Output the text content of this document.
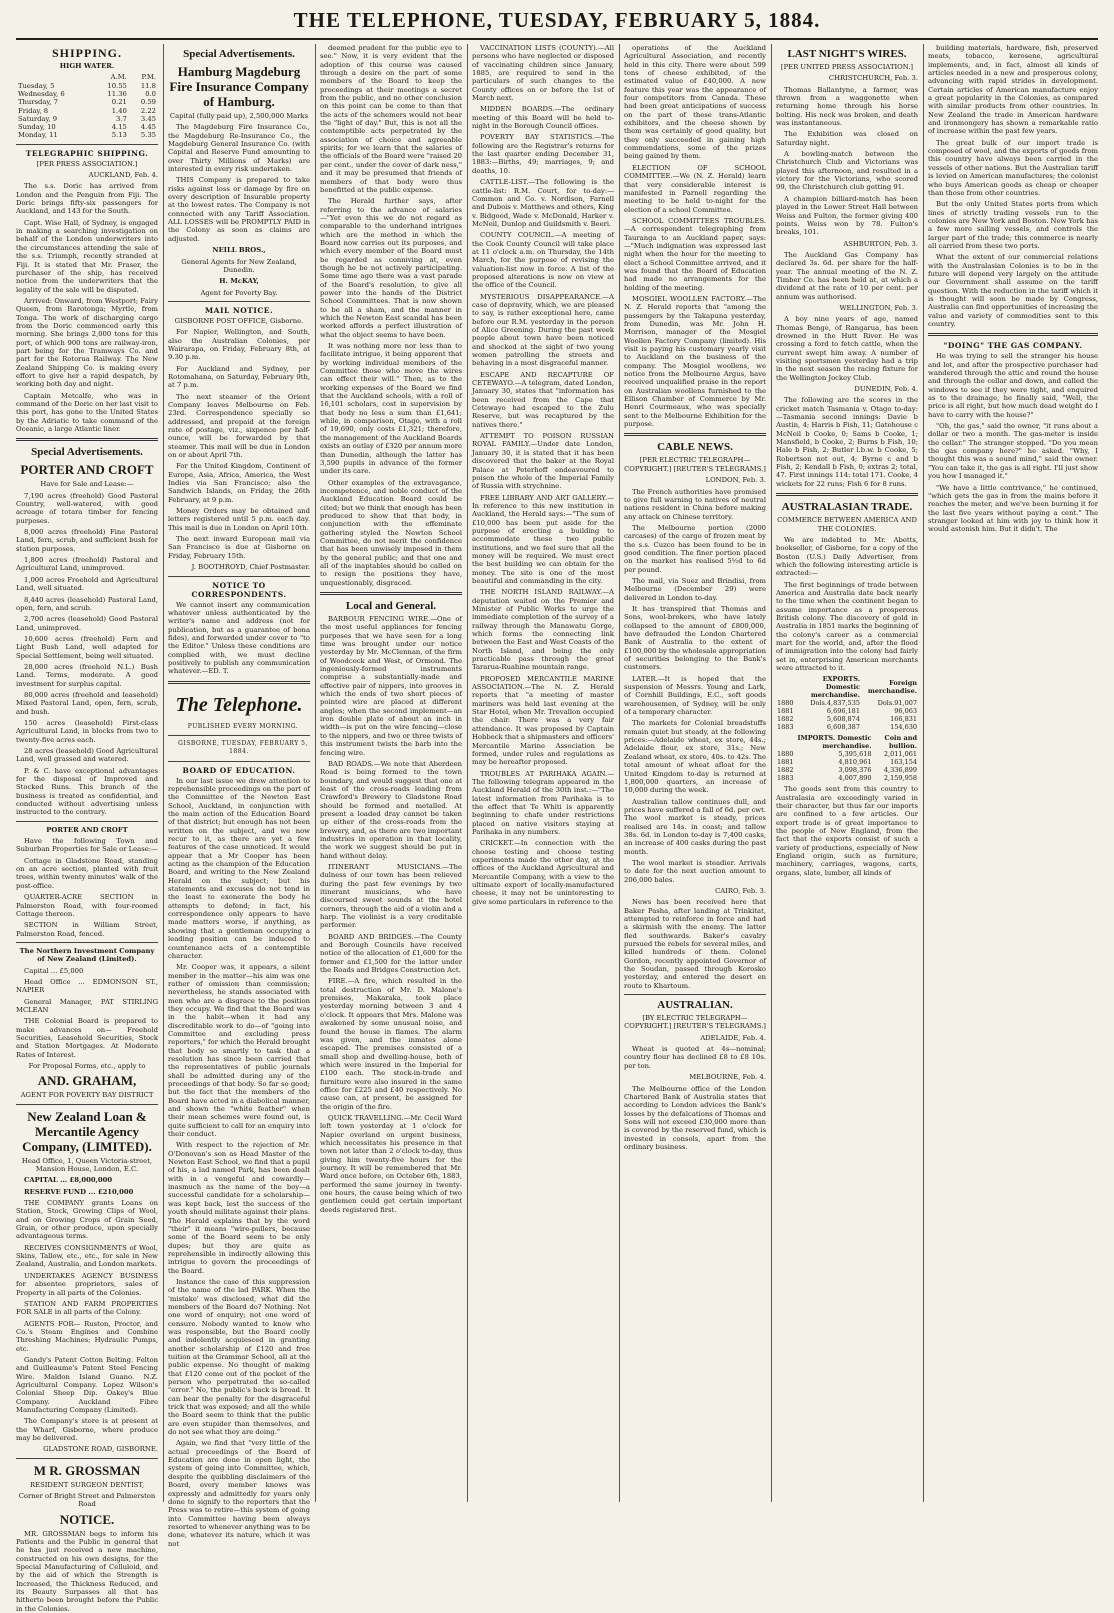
THE TELEPHONE, TUESDAY, FEBRUARY 5, 1884.
SHIPPING.

HIGH WATER.

	A.M.	P.M.
Tuesday, 5	10.55	11.8
Wednesday, 6	11.36	0.0
Thursday, 7	0.21	0.59
Friday, 8	1.40	2.22
Saturday, 9	3.7	3.45
Sunday, 10	4.15	4.45
Monday, 11	5.13	5.35
TELEGRAPHIC SHIPPING.

[PER PRESS ASSOCIATION.]

AUCKLAND, Feb. 4.

The s.s. Doric has arrived from London and the Penguin from Fiji. The Doric brings fifty-six passengers for Auckland, and 143 for the South.

Capt. Wise Hall, of Sydney, is engaged in making a searching investigation on behalf of the London underwriters into the circumstances attending the sale of the s.s. Triumph, recently stranded at Fiji. It is stated that Mr. Fraser, the purchaser of the ship, has received notice from the underwriters that the legality of the sale will be disputed.

Arrived: Onward, from Westport; Fairy Queen, from Rarotonga; Myrtle, from Tonga. The work of discharging cargo from the Doric commenced early this morning. She brings 2,000 tons for this port, of which 900 tons are railway-iron, part being for the Tramways Co. and part for the Rotorua Railway. The New Zealand Shipping Co. is making every effort to give her a rapid despatch, by working both day and night.

Captain Metcalfe, who was in command of the Doric on her last visit to this port, has gone to the United States by the Adriatic to take command of the Oceanic, a large Atlantic liner.

Special Advertisements.

PORTER AND CROFT

Have for Sale and Lease:—

7,190 acres (freehold) Good Pastoral Country, well-watered, with good acreage of totara timber for fencing purposes.

8,000 acres (freehold) Fine Pastoral Land, fern, scrub, and sufficient bush for station purposes.

1,800 acres (freehold) Pastoral and Agricultural Land, unimproved.

1,000 acres Freehold and Agricultural Land, well situated.

8,440 acres (leasehold) Pastoral Land, open, fern, and scrub.

2,700 acres (leasehold) Good Pastoral Land, unimproved.

10,600 acres (freehold) Fern and Light Bush Land, well adapted for Special Settlement, being well situated.

28,000 acres (freehold N.L.) Bush Land. Terms, moderate. A good investment for surplus capital.

80,000 acres (freehold and leasehold) Mixed Pastoral Land, open, fern, scrub, and bush.

150 acres (leasehold) First-class Agricultural Land, in blocks from two to twenty-five acres each.

28 acres (leasehold) Good Agricultural Land, well grassed and watered.

P. & C. have exceptional advantages for the disposal of Improved and Stocked Runs. This branch of the business is treated as confidential, and conducted without advertising unless instructed to the contrary.

PORTER AND CROFT

Have the following Town and Suburban Properties for Sale or Lease:—

Cottage in Gladstone Road, standing on an acre section, planted with fruit trees, within twenty minutes' walk of the post-office.

QUARTER-ACRE SECTION in Palmerston Road, with four-roomed Cottage thereon.

SECTION in William Street, Palmerston Road, fenced.

The Northern Investment Company of New Zealand (Limited).

Capital ... £5,000

Head Office ... EDMONSON ST., NAPIER

General Manager, PAT STIRLING MCLEAN

THE Colonial Board is prepared to make advances on— Freehold Securities, Leasehold Securities, Stock and Station Mortgages. At Moderate Rates of Interest.

For Proposal Forms, etc., apply to

AND. GRAHAM,

AGENT FOR POVERTY BAY DISTRICT

New Zealand Loan & Mercantile Agency Company, (LIMITED).

Head Office, 1, Queen Victoria-street, Mansion House, London, E.C.

CAPITAL ... £8,000,000

RESERVE FUND ... £210,000

THE COMPANY grants Loans on Station, Stock, Growing Clips of Wool, and on Growing Crops of Grain Seed, Grain, or other produce, upon specially advantageous terms.

RECEIVES CONSIGNMENTS of Wool, Skins, Tallow, etc., etc., for sale in New Zealand, Australia, and London markets.

UNDERTAKES AGENCY BUSINESS for absentee proprietors, sales of Property in all parts of the Colonies.

STATION AND FARM PROPERTIES FOR SALE in all parts of the Colony.

AGENTS FOR— Ruston, Proctor, and Co.'s Steam Engines and Combine Threshing Machines; Hydraulic Pumps, etc.

Gandy's Patent Cotton Belting. Felton and Guilleaume's Patent Steel Fencing Wire. Maldon Island Guano. N.Z. Agricultural Company. Lopez Wilson's Colonial Sheep Dip. Oakey's Blue Company. Auckland Fibre Manufacturing Company (Limited).

The Company's store is at present at the Wharf, Gisborne, where produce may be delivered.

GLADSTONE ROAD, GISBORNE.

M R. GROSSMAN

RESIDENT SURGEON DENTIST,

Corner of Bright Street and Palmerston Road

NOTICE.

MR. GROSSMAN begs to inform his Patients and the Public in general that he has just received a new machine, constructed on his own designs, for the Special Manufacturing of Celluloid, and by the aid of which the Strength is Increased, the Thickness Reduced, and its Beauty Surpasses all that has hitherto been brought before the Public in the Colonies.

Special Advertisements.

Hamburg Magdeburg Fire Insurance Company of Hamburg.

Capital (fully paid up), 2,500,000 Marks

The Magdeburg Fire Insurance Co., the Magdeburg Re-Insurance Co., the Magdeburg General Insurance Co. (with Capital and Reserve Fund amounting to over Thirty Millions of Marks) are interested in every risk undertaken.

THIS Company is prepared to take risks against loss or damage by fire on every description of Insurable property at the lowest rates. The Company is not connected with any Tariff Association. ALL LOSSES will be PROMPTLY PAID in the Colony as soon as claims are adjusted.

NEILL BROS.,

General Agents for New Zealand, Dunedin.

H. McKAY,

Agent for Poverty Bay.

MAIL NOTICE.

GISBORNE POST OFFICE, Gisborne.

For Napier, Wellington, and South, also the Australian Colonies, per Wairarapa, on Friday, February 8th, at 9.30 p.m.

For Auckland and Sydney, per Rotomahana, on Saturday, February 9th, at 7 p.m.

The next steamer of the Orient Company leaves Melbourne on Feb. 23rd. Correspondence specially so addressed, and prepaid at the foreign rate of postage, viz., sixpence per half-ounce, will be forwarded by that steamer. This mail will be due in London on or about April 7th.

For the United Kingdom, Continent of Europe, Asia, Africa, America, the West Indies via San Francisco; also the Sandwich Islands, on Friday, the 26th February, at 9 p.m.

Money Orders may be obtained and letters registered until 5 p.m. each day. This mail is due in London on April 10th.

The next inward European mail via San Francisco is due at Gisborne on Friday, February 15th.

J. BOOTHROYD, Chief Postmaster.

NOTICE TO CORRESPONDENTS.

We cannot insert any communication whatever unless authenticated by the writer's name and address (not for publication, but as a guarantee of bona fides), and forwarded under cover to "to the Editor." Unless these conditions are complied with, we must decline positively to publish any communication whatever.—ED. T.

The Telephone.

PUBLISHED EVERY MORNING.

GISBORNE, TUESDAY, FEBRUARY 5, 1884.

BOARD OF EDUCATION.

In our last issue we drew attention to reprehensible proceedings on the part of the Committee of the Newton East School, Auckland, in conjunction with the main action of the Education Board of that district; but enough has not been written on the subject, and we now recur to it, as there are yet a few features of the case unnoticed. It would appear that a Mr Cooper has been acting as the champion of the Education Board, and writing to the New Zealand Herald on the subject; but his statements and excuses do not tend in the least to exonerate the body he attempts to defend; in fact, his correspondence only appears to have made matters worse, if anything, as showing that a gentleman occupying a leading position can be induced to countenance acts of a contemptible character.

Mr. Cooper was, it appears, a silent member in the matter—his aim was one rather of omission than commission; nevertheless, he stands associated with men who are a disgrace to the position they occupy. We find that the Board was in the habit—when it had any discreditable work to do—of "going into Committee and excluding press reporters," for which the Herald brought that body so smartly to task that a resolution has since been carried that the representatives of public journals shall be admitted during any of the proceedings of that body. So far so good; but the fact that the members of the Board have acted in a diabolical manner, and shown the "white feather" when their mean schemes were found out, is quite sufficient to call for an enquiry into their conduct.

With respect to the rejection of Mr. O'Donovan's son as Head Master of the Newton East School, we find that a pupil of his, a lad named Park, has been dealt with in a vengeful and cowardly—inasmuch as the name of the boy—a successful candidate for a scholarship—was kept back, lest the success of the youth should militate against their plans. The Herald explains that by the word "their" it means "wire-pullers, because some of the Board seem to be only dupes; but they are quite as reprehensible in indirectly allowing this intrigue to govern the proceedings of the Board.

Instance the case of this suppression of the name of the lad PARK. When the 'mistake' was disclosed, what did the members of the Board do? Nothing. Not one word of enquiry; not one word of censure. Nobody wanted to know who was responsible, but the Board coolly and indolently acquiesced in granting another scholarship of £120 and free tuition at the Grammar School, all at the public expense. No thought of making that £120 come out of the pocket of the person who perpetrated the so-called "error." No, the public's back is broad. It can bear the penalty for the disgraceful trick that was exposed; and all the while the Board seem to think that the public are even stupider than themselves, and do not see what they are doing."

Again, we find that "very little of the actual proceedings of the Board of Education are done in open light, the system of going into Committee, which, despite the quibbling disclaimers of the Board, every member knows was expressly and admittedly for years only done to signify to the reporters that the Press was to retire—this system of going into Committee having been always resorted to whenever anything was to be done, whatever its nature, which it was not

deemed prudent for the public eye to see." Now, it is very evident that the adoption of this course was caused through a desire on the part of some members of the Board to keep the proceedings at their meetings a secret from the public, and no other conclusion on this point can be come to than that the acts of the schemers would not bear the "light of day." But, this is not all the contemptible acts perpetrated by the association of choice and agreeable spirits; for we learn that the salaries of the officials of the Board were "raised 20 per cent., under the cover of dark ness," and it may be presumed that friends of members of that body were thus benefitted at the public expense.

The Herald further says, after referring to the advance of salaries—"Yet even this we do not regard as comparable to the underhand intrigues which are the method in which the Board now carries out its purposes, and which every member of the Board must be regarded as conniving at, even though he be not actively participating. Some time ago there was a vast parade of the Board's resolution, to give all power into the hands of the District School Committees. That is now shown to be all a sham, and the manner in which the Newton East scandal has been worked affords a perfect illustration of what the object seems to have been.

It was nothing more nor less than to facilitate intrigue, it being apparent that by working individual members of the Committee those who move the wires can effect their will." Then, as to the working expenses of the Board we find that the Auckland schools, with a roll of 16,101 scholars, cost in supervision by that body no less a sum than £1,641; while, in comparison, Otago, with a roll of 19,690, only costs £1,321; therefore, the management of the Auckland Boards exists an outlay of £320 per annum more than Dunedin, although the latter has 3,590 pupils in advance of the former under its care.

Other examples of the extravagance, incompetence, and noble conduct of the Auckland Education Board could be cited; but we think that enough has been produced to show that that body, in conjunction with the effeminate gathering styled the Newton School Committee, do not merit the confidence that has been unwisely imposed in them by the general public; and that one and all of the inaptables should be called on to resign the positions they have, unquestionably, disgraced.

Local and General.

BARBOUR FENCING WIRE.—One of the most useful appliances for fencing purposes that we have seen for a long time was brought under our notice yesterday by Mr. McClennan, of the firm of Woodcock and West, of Ormond. The ingeniously-formed instruments comprise a substantially-made and effective pair of nippers, into grooves in which the ends of two short pieces of pointed wire are placed at different angles; when the second implement—an iron double plate of about an inch in width—is put on the wire fencing—close to the nippers, and two or three twists of this instrument twists the barb into the fencing wire.

BAD ROADS.—We note that Aberdeen Road is being formed to the town boundary, and would suggest that one at least of the cross-roads leading from Crawford's Brewery to Gladstone Road should be formed and metalled. At present a loaded dray cannot be taken up either of the cross-roads from the brewery, and, as there are two important industries in operation in that locality, the work we suggest should be put in hand without delay.

ITINERANT MUSICIANS.—The dulness of our town has been relieved during the past few evenings by two itinerant musicians, who have discoursed sweet sounds at the hotel corners, through the aid of a violin and a harp. The violinist is a very creditable performer.

BOARD AND BRIDGES.—The County and Borough Councils have received notice of the allocation of £1,600 for the former and £1,500 for the latter under the Roads and Bridges Construction Act.

FIRE.—A fire, which resulted in the total destruction of Mr. D. Malone's premises, Makaraka, took place yesterday morning between 3 and 4 o'clock. It appears that Mrs. Malone was awakened by some unusual noise, and found the house in flames. The alarm was given, and the inmates alone escaped. The premises consisted of a small shop and dwelling-house, both of which were insured in the Imperial for £100 each. The stock-in-trade and furniture were also insured in the same office for £225 and £40 respectively. No cause can, at present, be assigned for the origin of the fire.

QUICK TRAVELLING.—Mr. Cecil Ward left town yesterday at 1 o'clock for Napier overland on urgent business, which necessitates his presence in that town not later than 2 o'clock to-day, thus giving him twenty-five hours for the journey. It will be remembered that Mr. Ward once before, on October 6th, 1883, performed the same journey in twenty-one hours, the cause being which of two gentlemen could get certain important deeds registered first.

VACCINATION LISTS (COUNTY).—All persons who have neglected or disposed of vaccinating children since January, 1885, are required to send in the particulars of such changes to the County offices on or before the 1st of March next.

MIDDEN BOARDS.—The ordinary meeting of this Board will be held to-night in the Borough Council offices.

POVERTY BAY STATISTICS.—The following are the Registrar's returns for the last quarter ending December 31, 1883:—Births, 49; marriages, 9; and deaths, 10.

CATTLE-LIST.—The following is the cattle-list: R.M. Court, for to-day:—Common and Co. v. Nordison, Farnell and Dubois v. Matthews and others, King v. Bidgood, Wade v. McDonald, Harker v. McNeil, Dunlop and Guildsmith v. Beeri.

COUNTY COUNCIL.—A meeting of the Cook County Council will take place at 11 o'clock a.m. on Thursday, the 14th March, for the purpose of revising the valuation-list now in force. A list of the proposed alterations is now on view at the office of the Council.

MYSTERIOUS DISAPPEARANCE.—A case of depravity, which, we are pleased to say, is rather exceptional here, came before our R.M. yesterday in the person of Alice Greening. During the past week people about town have been noticed and shocked at the sight of two young women patrolling the streets and behaving in a most disgraceful manner.

ESCAPE AND RECAPTURE OF CETEWAYO.—A telegram, dated London, January 30, states that "information has been received from the Cape that Cetewayo had escaped to the Zulu Reserve, but was recaptured by the natives there."

ATTEMPT TO POISON RUSSIAN ROYAL FAMILY.—Under date London, January 30, it is stated that it has been discovered that the baker at the Royal Palace at Peterhoff endeavoured to poison the whole of the Imperial Family of Russia with strychnine.

FREE LIBRARY AND ART GALLERY.—In reference to this new institution in Auckland, the Herald says:—"The sum of £10,000 has been put aside for the purpose of erecting a building to accommodate these two public institutions, and we feel sure that all the money will be required. We must erect the best building we can obtain for the money. The site is one of the most beautiful and commanding in the city.

THE NORTH ISLAND RAILWAY.—A deputation waited on the Premier and Minister of Public Works to urge the immediate completion of the survey of a railway through the Manawatu Gorge, which forms the connecting link between the East and West Coasts of the North Island, and being the only practicable pass through the great Tararua-Ruahine mountain range.

PROPOSED MERCANTILE MARINE ASSOCIATION.—The N. Z. Herald reports that "a meeting of master mariners was held last evening at the Star Hotel, when Mr. Trevallon occupied the chair. There was a very fair attendance. It was proposed by Captain Hobbeck that a shipmasters and officers' Mercantile Marine Association be formed, under rules and regulations as may be hereafter proposed.

TROUBLES AT PARIHAKA AGAIN.—The following telegram appeared in the Auckland Herald of the 30th inst.:—"The latest information from Parihaka is to the effect that Te Whiti is apparently beginning to chafe under restrictions placed on native visitors staying at Parihaka in any numbers.

CRICKET.—In connection with the choose testing and choose testing experiments made the other day, at the offices of the Auckland Agricultural and Mercantile Company, with a view to the ultimate export of locally-manufactured cheese, it may not be uninteresting to give some particulars in reference to the

operations of the Auckland Agricultural Association, and recently held in this city. There were about 599 tons of cheese exhibited, of the estimated value of £40,000. A new feature this year was the appearance of four competitors from Canada. These had been great anticipations of success on the part of these trans-Atlantic exhibitors, and the cheese shown by them was certainly of good quality, but they only succeeded in gaining high commendations, some of the prizes being gained by them.

ELECTION OF SCHOOL COMMITTEE.—We (N. Z. Herald) learn that very considerable interest is manifested in Parnell regarding the meeting to be held to-night for the election of a school Committee.

SCHOOL COMMITTEES TROUBLES.—A correspondent telegraphing from Tauranga to an Auckland paper, says:—"Much indignation was expressed last night when the hour for the meeting to elect a School Committee arrived, and it was found that the Board of Education had made no arrangements for the holding of the meeting.

MOSGIEL WOOLLEN FACTORY.—The N. Z. Herald reports that "among the passengers by the Takapuna yesterday, from Dunedin, was Mr. John H. Morrison, manager of the Mosgiel Woollen Factory Company (limited). His visit is paying his customary yearly visit to Auckland on the business of the company. The Mosgiel woollens, we notice from the Melbourne Argus, have received unqualified praise in the report on Australian woollens furnished to the Ellison Chamber of Commerce by Mr. Henri Courmeaux, who was specially sent to the Melbourne Exhibition for the purpose.

CABLE NEWS.

[PER ELECTRIC TELEGRAPH—COPYRIGHT.] [REUTER'S TELEGRAMS.]

LONDON, Feb. 3.

The French authorities have promised to give full warning to natives of neutral nations resident in China before making any attack on Chinese territory.

The Melbourne portion (2000 carcases) of the cargo of frozen meat by the s.s. Cuzco has been found to be in good condition. The finer portion placed on the market has realised 5½d to 6d per pound.

The mail, via Suez and Brindisi, from Melbourne (December 29) were delivered in London to-day.

It has transpired that Thomas and Sons, wool-brokers, who have lately collapsed to the amount of £800,000, have defrauded the London Chartered Bank of Australia to the extent of £100,000 by the wholesale appropriation of securities belonging to the Bank's customers.

LATER.—It is hoped that the suspension of Messrs. Young and Lark, of Cornhill Buildings, E.C., soft goods warehousemen, of Sydney, will be only of a temporary character.

The markets for Colonial breadstuffs remain quiet but steady, at the following prices:—Adelaide wheat, ex store, 44s.; Adelaide flour, ex store, 31s.; New Zealand wheat, ex store, 40s. to 42s. The total amount of wheat afloat for the United Kingdom to-day is returned at 1,800,000 quarters, an increase of 10,000 during the week.

Australian tallow continues dull, and prices have suffered a fall of 6d. per cwt. The wool market is steady, prices realised are 14s. in coast; and tallow 38s. 6d. in London to-day is 7,400 casks, an increase of 400 casks during the past month.

The wool market is steadier. Arrivals to date for the next auction amount to 206,000 bales.

CAIRO, Feb. 3.

News has been received here that Baker Pasha, after landing at Trinkitat, attempted to reinforce in force and had a skirmish with the enemy. The latter fled southwards. Baker's cavalry pursued the rebels for several miles, and killed hundreds of them. Colonel Gordon, recently appointed Governor of the Soudan, passed through Korosko yesterday, and entered the desert en route to Khartoum.

AUSTRALIAN.

[BY ELECTRIC TELEGRAPH—COPYRIGHT.] [REUTER'S TELEGRAMS.]

ADELAIDE, Feb. 4.

Wheat is quoted at 4s—nominal; country flour has declined £8 to £8 10s. per ton.

MELBOURNE, Feb. 4.

The Melbourne office of the London Chartered Bank of Australia states that according to London advices the Bank's losses by the defalcations of Thomas and Sons will not exceed £30,000 more than is covered by the reserved fund, which is invested in consols, apart from the ordinary business.

LAST NIGHT'S WIRES.

[PER UNITED PRESS ASSOCIATION.]

CHRISTCHURCH, Feb. 3.

Thomas Ballantyne, a farmer, was thrown from a waggonette when returning home through his horse bolting. His neck was broken, and death was instantaneous.

The Exhibition was closed on Saturday night.

A bowling-match between the Christchurch Club and Victorians was played this afternoon, and resulted in a victory for the Victorians, who scored 99, the Christchurch club getting 91.

A champion billiard-match has been played in the Lower Street Hall between Weiss and Fulton, the former giving 400 points. Weiss won by 78. Fulton's breaks, 101.

ASHBURTON, Feb. 3.

The Auckland Gas Company has declared 3s. 6d. per share for the half-year. The annual meeting of the N. Z. Timber Co. has been held at, at which a dividend at the rate of 10 per cent. per annum was authorised.

WELLINGTON, Feb. 3.

A boy nine years of age, named Thomas Benge, of Rangarua, has been drowned in the Hutt River. He was crossing a ford to fetch cattle, when the current swept him away. A number of visiting sportsmen yesterday had a trip in the next season the racing fixture for the Wellington Jockey Club.

DUNEDIN, Feb. 4.

The following are the scores in the cricket match Tasmania v. Otago to-day:—Tasmania second innings: Davie b Austin, 4; Harris b Fish, 11; Gatehouse c McNeil b Cooke, 0; Sams b Cooke, 1; Mansfield, b Cooke, 2; Burns b Fish, 10; Hale b Fish, 2; Butler l.b.w. b Cooke, 5; Robertson not out, 4; Byrne c and b Fish, 2; Kendall b Fish, 0; extras 2; total, 47. First innings 114: total 171. Cooke, 4 wickets for 22 runs; Fish 6 for 8 runs.

AUSTRALASIAN TRADE.

COMMERCE BETWEEN AMERICA AND THE COLONIES.

We are indebted to Mr. Abetts, bookseller, of Gisborne, for a copy of the Boston (U.S.) Daily Advertiser, from which the following interesting article is extracted:—

The first beginnings of trade between America and Australia date back nearly to the time when the continent began to assume importance as a prosperous British colony. The discovery of gold in Australia in 1851 marks the beginning of the colony's career as a commercial mart for the world, and, after the flood of immigration into the colony had fairly set in, enterprising American merchants were attracted to it.

	EXPORTS. Domestic merchandise.	Foreign merchandise.
1880	Dols.4,837,535	Dols.91,007
1881	6,696,181	96,063
1882	5,608,874	166,831
1883	6,608,387	154,630
	IMPORTS. Domestic merchandise.	Coin and bullion.
1880	5,395,618	2,011,061
1881	4,810,961	163,154
1882	3,098,376	4,336,899
1883	4,007,890	2,159,958

The goods sent from this country to Australasia are exceedingly varied in their character, but thus far our imports are confined to a few articles. Our export trade is of great importance to the people of New England, from the fact that the exports consist of such a variety of productions, especially of New England origin, such as furniture, machinery, carriages, wagons, carts, organs, slate, lumber, all kinds of

building materials, hardware, fish, preserved meats, tobacco, kerosene, agricultural implements, and, in fact, almost all kinds of articles needed in a new and prosperous colony, advancing with rapid strides in development. Certain articles of American manufacture enjoy a great popularity in the Colonies, as compared with similar products from other countries. In New Zealand the trade in American hardware and ironmongery has shown a remarkable ratio of increase within the past few years.

The great bulk of our import trade is composed of wool, and the exports of goods from this country have always been carried in the vessels of other nations. But the Australian tariff is levied on American manufactures; the colonist who buys American goods as cheap or cheaper than those from other countries.

But the only United States ports from which lines of strictly trading vessels run to the colonies are New York and Boston. New York has a few more sailing vessels, and controls the larger part of the trade; this commerce is nearly all carried from these two ports.

What the extent of our commercial relations with the Australasian Colonies is to be in the future will depend very largely on the attitude our Government shall assume on the tariff question. With the reduction in the tariff which it is thought will soon be made by Congress, Australia can find opportunities of increasing the value and variety of commodities sent to this country.

"DOING" THE GAS COMPANY.

He was trying to sell the stranger his house and lot, and after the prospective purchaser had wandered through the attic and round the house and through the cellar and down, and called the windows to see if they were tight, and enquired as to the drainage, he finally said, "Well, the price is all right, but how much dead weight do I have to carry with the house?"

"Oh, the gas," said the owner, "it runs about a dollar or two a month. The gas-meter is inside the cellar." The stranger stopped. "Do you mean the gas company here?" he asked. "Why, I thought this was a sound mind," said the owner. "You can take it, the gas is all right. I'll just show you how I managed it."

"We have a little contrivance," he continued, "which gets the gas in from the mains before it reaches the meter, and we've been burning it for the last five years without paying a cent." The stranger looked at him with joy to think how it would astonish him. But it didn't. The
